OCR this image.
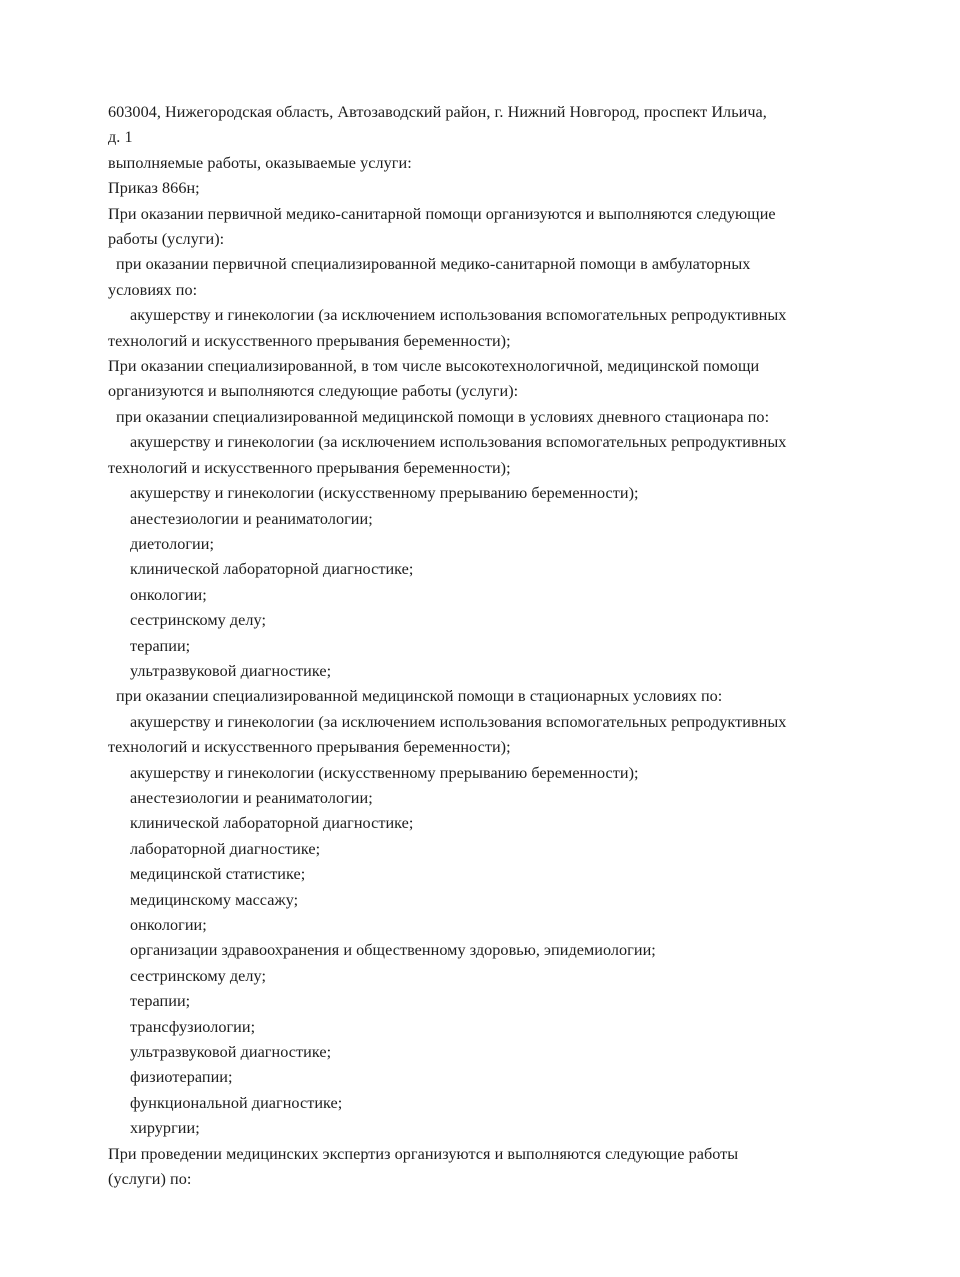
603004, Нижегородская область, Автозаводский район, г. Нижний Новгород, проспект Ильича,
д. 1
выполняемые работы, оказываемые услуги:
Приказ 866н;
При оказании первичной медико-санитарной помощи организуются и выполняются следующие
работы (услуги):
при оказании первичной специализированной медико-санитарной помощи в амбулаторных
условиях по:
акушерству и гинекологии (за исключением использования вспомогательных репродуктивных
технологий и искусственного прерывания беременности);
При оказании специализированной, в том числе высокотехнологичной, медицинской помощи
организуются и выполняются следующие работы (услуги):
при оказании специализированной медицинской помощи в условиях дневного стационара по:
акушерству и гинекологии (за исключением использования вспомогательных репродуктивных
технологий и искусственного прерывания беременности);
акушерству и гинекологии (искусственному прерыванию беременности);
анестезиологии и реаниматологии;
диетологии;
клинической лабораторной диагностике;
онкологии;
сестринскому делу;
терапии;
ультразвуковой диагностике;
при оказании специализированной медицинской помощи в стационарных условиях по:
акушерству и гинекологии (за исключением использования вспомогательных репродуктивных
технологий и искусственного прерывания беременности);
акушерству и гинекологии (искусственному прерыванию беременности);
анестезиологии и реаниматологии;
клинической лабораторной диагностике;
лабораторной диагностике;
медицинской статистике;
медицинскому массажу;
онкологии;
организации здравоохранения и общественному здоровью, эпидемиологии;
сестринскому делу;
терапии;
трансфузиологии;
ультразвуковой диагностике;
физиотерапии;
функциональной диагностике;
хирургии;
При проведении медицинских экспертиз организуются и выполняются следующие работы
(услуги) по:
